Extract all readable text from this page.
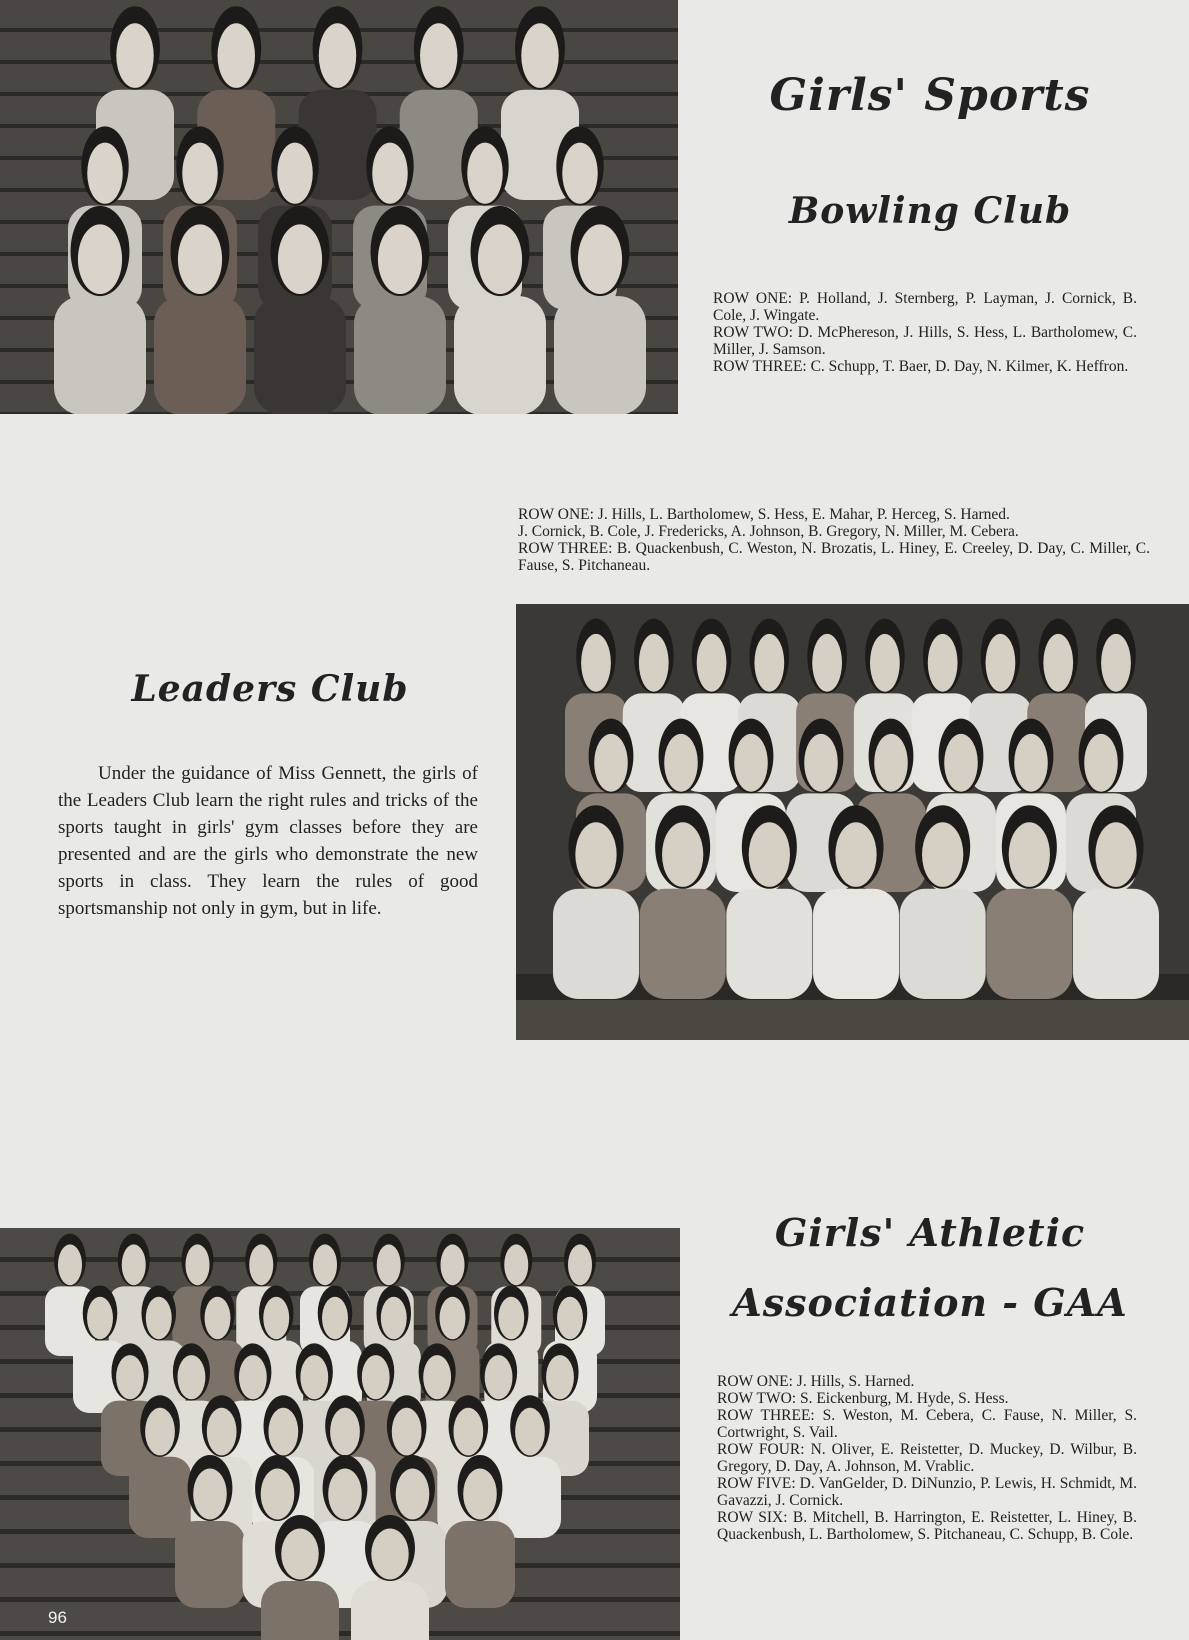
Girls' Sports
Bowling Club

ROW ONE: P. Holland, J. Sternberg, P. Layman, J. Cornick, B. Cole, J. Wingate.

ROW TWO: D. McPhereson, J. Hills, S. Hess, L. Bartholomew, C. Miller, J. Samson.

ROW THREE: C. Schupp, T. Baer, D. Day, N. Kilmer, K. Heffron.

ROW ONE: J. Hills, L. Bartholomew, S. Hess, E. Mahar, P. Herceg, S. Harned.

J. Cornick, B. Cole, J. Fredericks, A. Johnson, B. Gregory, N. Miller, M. Cebera.

ROW THREE: B. Quackenbush, C. Weston, N. Brozatis, L. Hiney, E. Creeley, D. Day, C. Miller, C. Fause, S. Pitchaneau.

Leaders Club
Under the guidance of Miss Gennett, the girls of the Leaders Club learn the right rules and tricks of the sports taught in girls' gym classes before they are presented and are the girls who demonstrate the new sports in class. They learn the rules of good sportsmanship not only in gym, but in life.
Girls' Athletic
Association - GAA

ROW ONE: J. Hills, S. Harned.

ROW TWO: S. Eickenburg, M. Hyde, S. Hess.

ROW THREE: S. Weston, M. Cebera, C. Fause, N. Miller, S. Cortwright, S. Vail.

ROW FOUR: N. Oliver, E. Reistetter, D. Muckey, D. Wilbur, B. Gregory, D. Day, A. Johnson, M. Vrablic.

ROW FIVE: D. VanGelder, D. DiNunzio, P. Lewis, H. Schmidt, M. Gavazzi, J. Cornick.

ROW SIX: B. Mitchell, B. Harrington, E. Reistetter, L. Hiney, B. Quackenbush, L. Bartholomew, S. Pitchaneau, C. Schupp, B. Cole.

96
